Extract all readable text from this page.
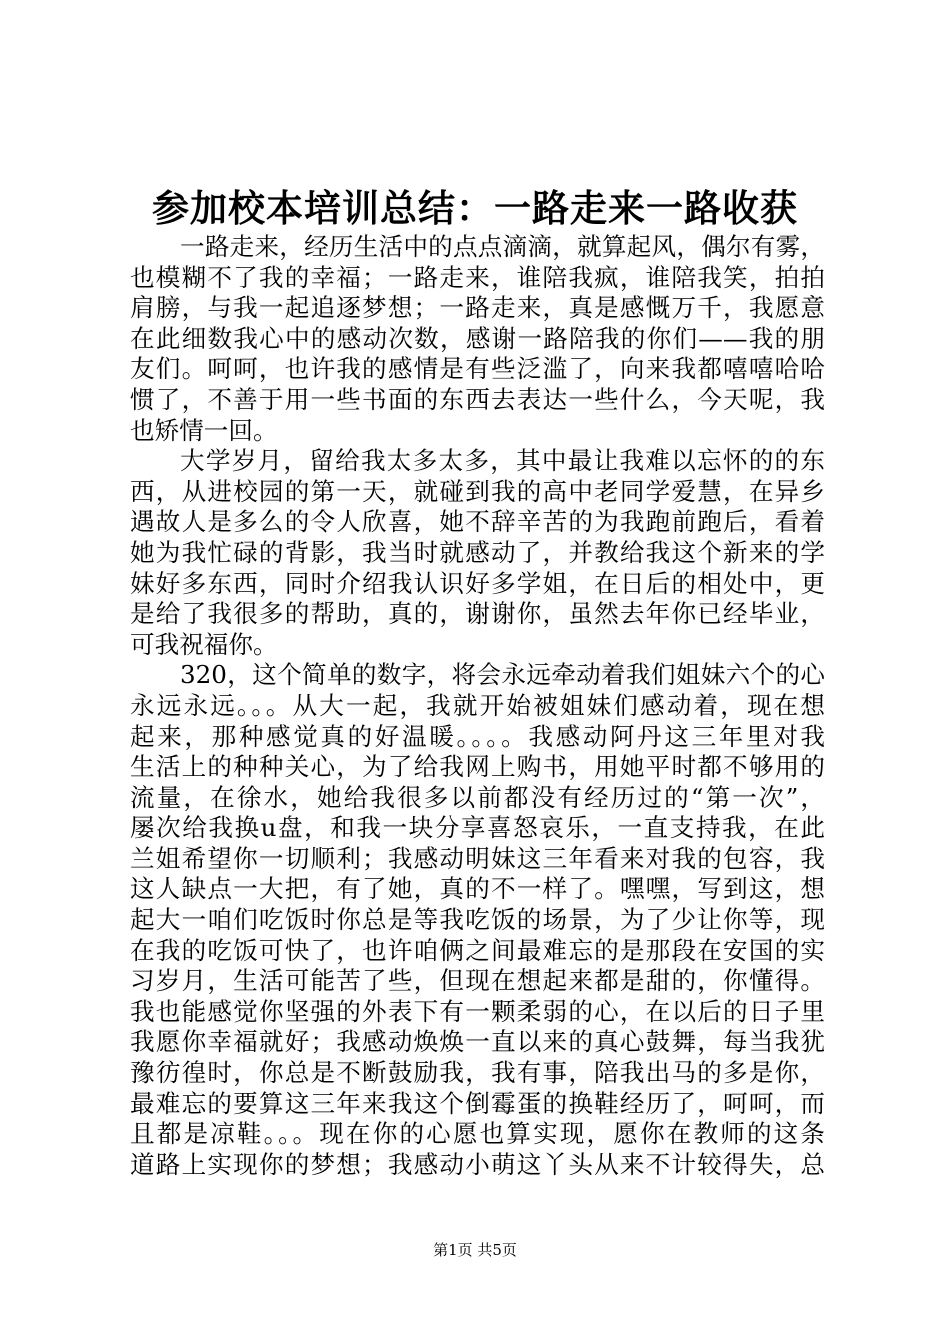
参加校本培训总结：一路走来一路收获
一路走来，经历生活中的点点滴滴，就算起风，偶尔有雾，
也模糊不了我的幸福；一路走来，谁陪我疯，谁陪我笑，拍拍
肩膀，与我一起追逐梦想；一路走来，真是感慨万千，我愿意
在此细数我心中的感动次数，感谢一路陪我的你们——我的朋
友们。呵呵，也许我的感情是有些泛滥了，向来我都嘻嘻哈哈
惯了，不善于用一些书面的东西去表达一些什么，今天呢，我
也矫情一回。
大学岁月，留给我太多太多，其中最让我难以忘怀的的东
西，从进校园的第一天，就碰到我的高中老同学爱慧，在异乡
遇故人是多么的令人欣喜，她不辞辛苦的为我跑前跑后，看着
她为我忙碌的背影，我当时就感动了，并教给我这个新来的学
妹好多东西，同时介绍我认识好多学姐，在日后的相处中，更
是给了我很多的帮助，真的，谢谢你，虽然去年你已经毕业，
可我祝福你。
320，这个简单的数字，将会永远牵动着我们姐妹六个的心
永远永远。。。从大一起，我就开始被姐妹们感动着，现在想
起来，那种感觉真的好温暖。。。。我感动阿丹这三年里对我
生活上的种种关心，为了给我网上购书，用她平时都不够用的
流量，在徐水，她给我很多以前都没有经历过的“第一次”，
屡次给我换u盘，和我一块分享喜怒哀乐，一直支持我，在此
兰姐希望你一切顺利；我感动明妹这三年看来对我的包容，我
这人缺点一大把，有了她，真的不一样了。嘿嘿，写到这，想
起大一咱们吃饭时你总是等我吃饭的场景，为了少让你等，现
在我的吃饭可快了，也许咱俩之间最难忘的是那段在安国的实
习岁月，生活可能苦了些，但现在想起来都是甜的，你懂得。
我也能感觉你坚强的外表下有一颗柔弱的心，在以后的日子里
我愿你幸福就好；我感动焕焕一直以来的真心鼓舞，每当我犹
豫彷徨时，你总是不断鼓励我，我有事，陪我出马的多是你，
最难忘的要算这三年来我这个倒霉蛋的换鞋经历了，呵呵，而
且都是凉鞋。。。现在你的心愿也算实现，愿你在教师的这条
道路上实现你的梦想；我感动小萌这丫头从来不计较得失，总
第1页 共5页
